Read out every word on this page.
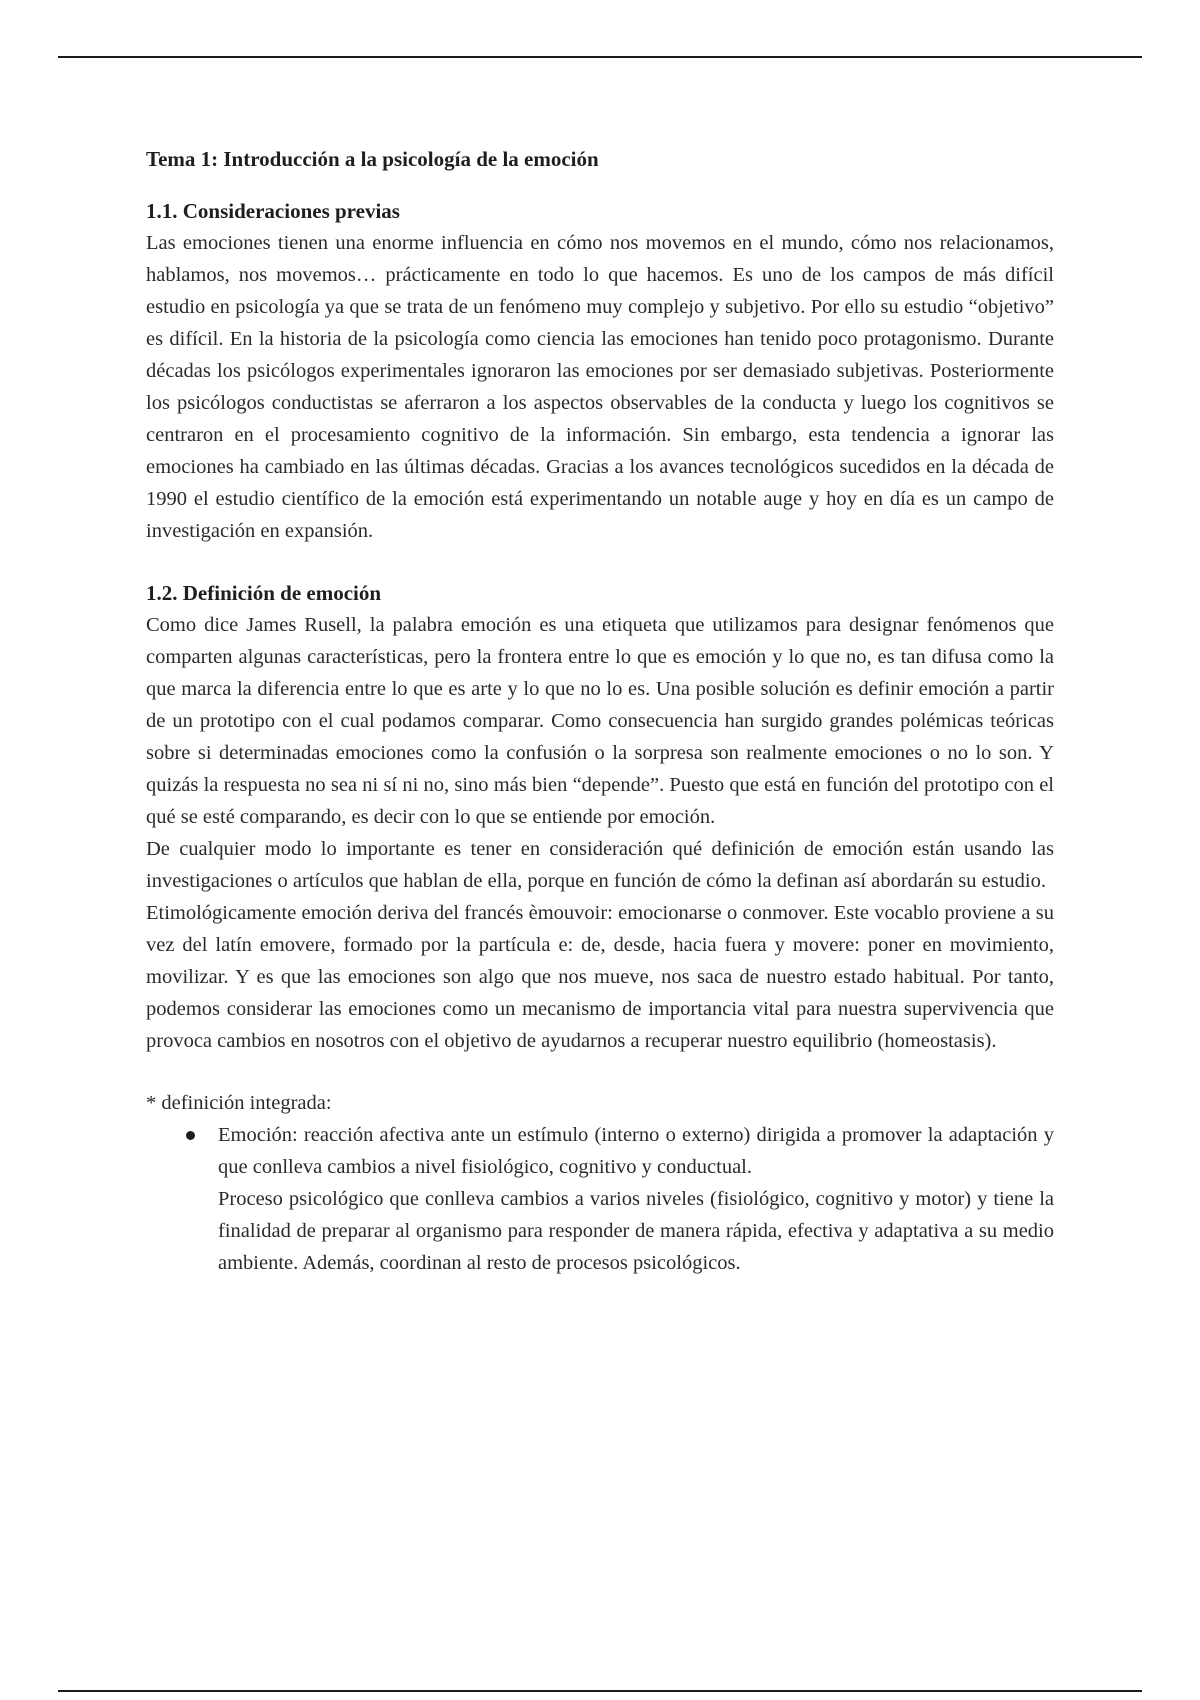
Tema 1: Introducción a la psicología de la emoción
1.1. Consideraciones previas

Las emociones tienen una enorme influencia en cómo nos movemos en el mundo, cómo nos relacionamos, hablamos, nos movemos… prácticamente en todo lo que hacemos. Es uno de los campos de más difícil estudio en psicología ya que se trata de un fenómeno muy complejo y subjetivo. Por ello su estudio “objetivo” es difícil. En la historia de la psicología como ciencia las emociones han tenido poco protagonismo. Durante décadas los psicólogos experimentales ignoraron las emociones por ser demasiado subjetivas. Posteriormente los psicólogos conductistas se aferraron a los aspectos observables de la conducta y luego los cognitivos se centraron en el procesamiento cognitivo de la información. Sin embargo, esta tendencia a ignorar las emociones ha cambiado en las últimas décadas. Gracias a los avances tecnológicos sucedidos en la década de 1990 el estudio científico de la emoción está experimentando un notable auge y hoy en día es un campo de investigación en expansión.

1.2. Definición de emoción

Como dice James Rusell, la palabra emoción es una etiqueta que utilizamos para designar fenómenos que comparten algunas características, pero la frontera entre lo que es emoción y lo que no, es tan difusa como la que marca la diferencia entre lo que es arte y lo que no lo es. Una posible solución es definir emoción a partir de un prototipo con el cual podamos comparar. Como consecuencia han surgido grandes polémicas teóricas sobre si determinadas emociones como la confusión o la sorpresa son realmente emociones o no lo son. Y quizás la respuesta no sea ni sí ni no, sino más bien “depende”. Puesto que está en función del prototipo con el qué se esté comparando, es decir con lo que se entiende por emoción.

De cualquier modo lo importante es tener en consideración qué definición de emoción están usando las investigaciones o artículos que hablan de ella, porque en función de cómo la definan así abordarán su estudio.

Etimológicamente emoción deriva del francés èmouvoir: emocionarse o conmover. Este vocablo proviene a su vez del latín emovere, formado por la partícula e: de, desde, hacia fuera y movere: poner en movimiento, movilizar. Y es que las emociones son algo que nos mueve, nos saca de nuestro estado habitual. Por tanto, podemos considerar las emociones como un mecanismo de importancia vital para nuestra supervivencia que provoca cambios en nosotros con el objetivo de ayudarnos a recuperar nuestro equilibrio (homeostasis).

* definición integrada:

Emoción: reacción afectiva ante un estímulo (interno o externo) dirigida a promover la adaptación y que conlleva cambios a nivel fisiológico, cognitivo y conductual.

Proceso psicológico que conlleva cambios a varios niveles (fisiológico, cognitivo y motor) y tiene la finalidad de preparar al organismo para responder de manera rápida, efectiva y adaptativa a su medio ambiente. Además, coordinan al resto de procesos psicológicos.
